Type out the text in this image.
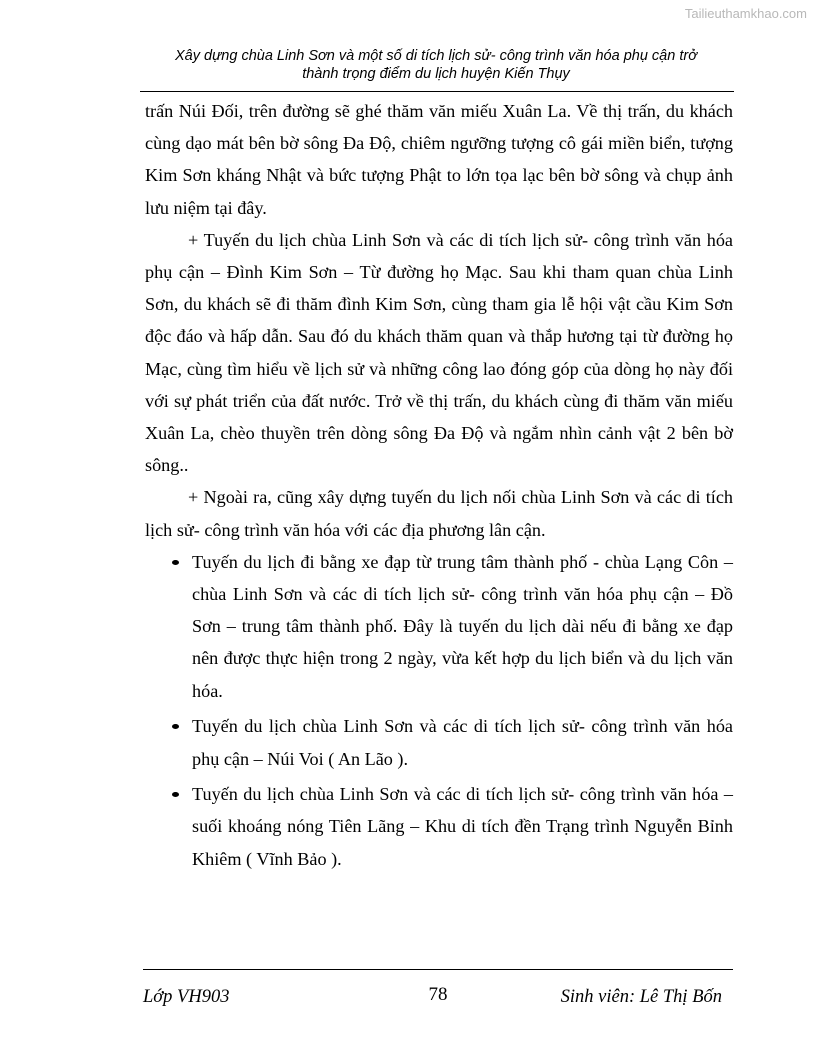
Tailieuthamkhao.com
Xây dựng chùa Linh Sơn và một số di tích lịch sử- công trình văn hóa phụ cận trở
thành trọng điểm du lịch huyện Kiến Thụy

trấn Núi Đối, trên đường sẽ ghé thăm văn miếu Xuân La. Về thị trấn, du khách cùng dạo mát bên bờ sông Đa Độ, chiêm ngưỡng tượng cô gái miền biển, tượng Kim Sơn kháng Nhật và bức tượng Phật to lớn tọa lạc bên bờ sông và chụp ảnh lưu niệm tại đây.

+ Tuyến du lịch chùa Linh Sơn và các di tích lịch sử- công trình văn hóa phụ cận – Đình Kim Sơn – Từ đường họ Mạc. Sau khi tham quan chùa Linh Sơn, du khách sẽ đi thăm đình Kim Sơn, cùng tham gia lễ hội vật cầu Kim Sơn độc đáo và hấp dẫn. Sau đó du khách thăm quan và thắp hương tại từ đường họ Mạc, cùng tìm hiểu về lịch sử và những công lao đóng góp của dòng họ này đối với sự phát triển của đất nước. Trở về thị trấn, du khách cùng đi thăm văn miếu Xuân La, chèo thuyền trên dòng sông Đa Độ và ngắm nhìn cảnh vật 2 bên bờ sông..

+ Ngoài ra, cũng xây dựng tuyến du lịch nối chùa Linh Sơn và các di tích lịch sử- công trình văn hóa với các địa phương lân cận.

Tuyến du lịch đi bằng xe đạp từ trung tâm thành phố - chùa Lạng Côn – chùa Linh Sơn và các di tích lịch sử- công trình văn hóa phụ cận – Đồ Sơn – trung tâm thành phố. Đây là tuyến du lịch dài nếu đi bằng xe đạp nên được thực hiện trong 2 ngày, vừa kết hợp du lịch biển và du lịch văn hóa.
Tuyến du lịch chùa Linh Sơn và các di tích lịch sử- công trình văn hóa phụ cận – Núi Voi ( An Lão ).
Tuyến du lịch chùa Linh Sơn và các di tích lịch sử- công trình văn hóa – suối khoáng nóng Tiên Lãng – Khu di tích đền Trạng trình Nguyễn Bỉnh Khiêm ( Vĩnh Bảo ).
Lớp VH903	78	Sinh viên: Lê Thị Bốn
